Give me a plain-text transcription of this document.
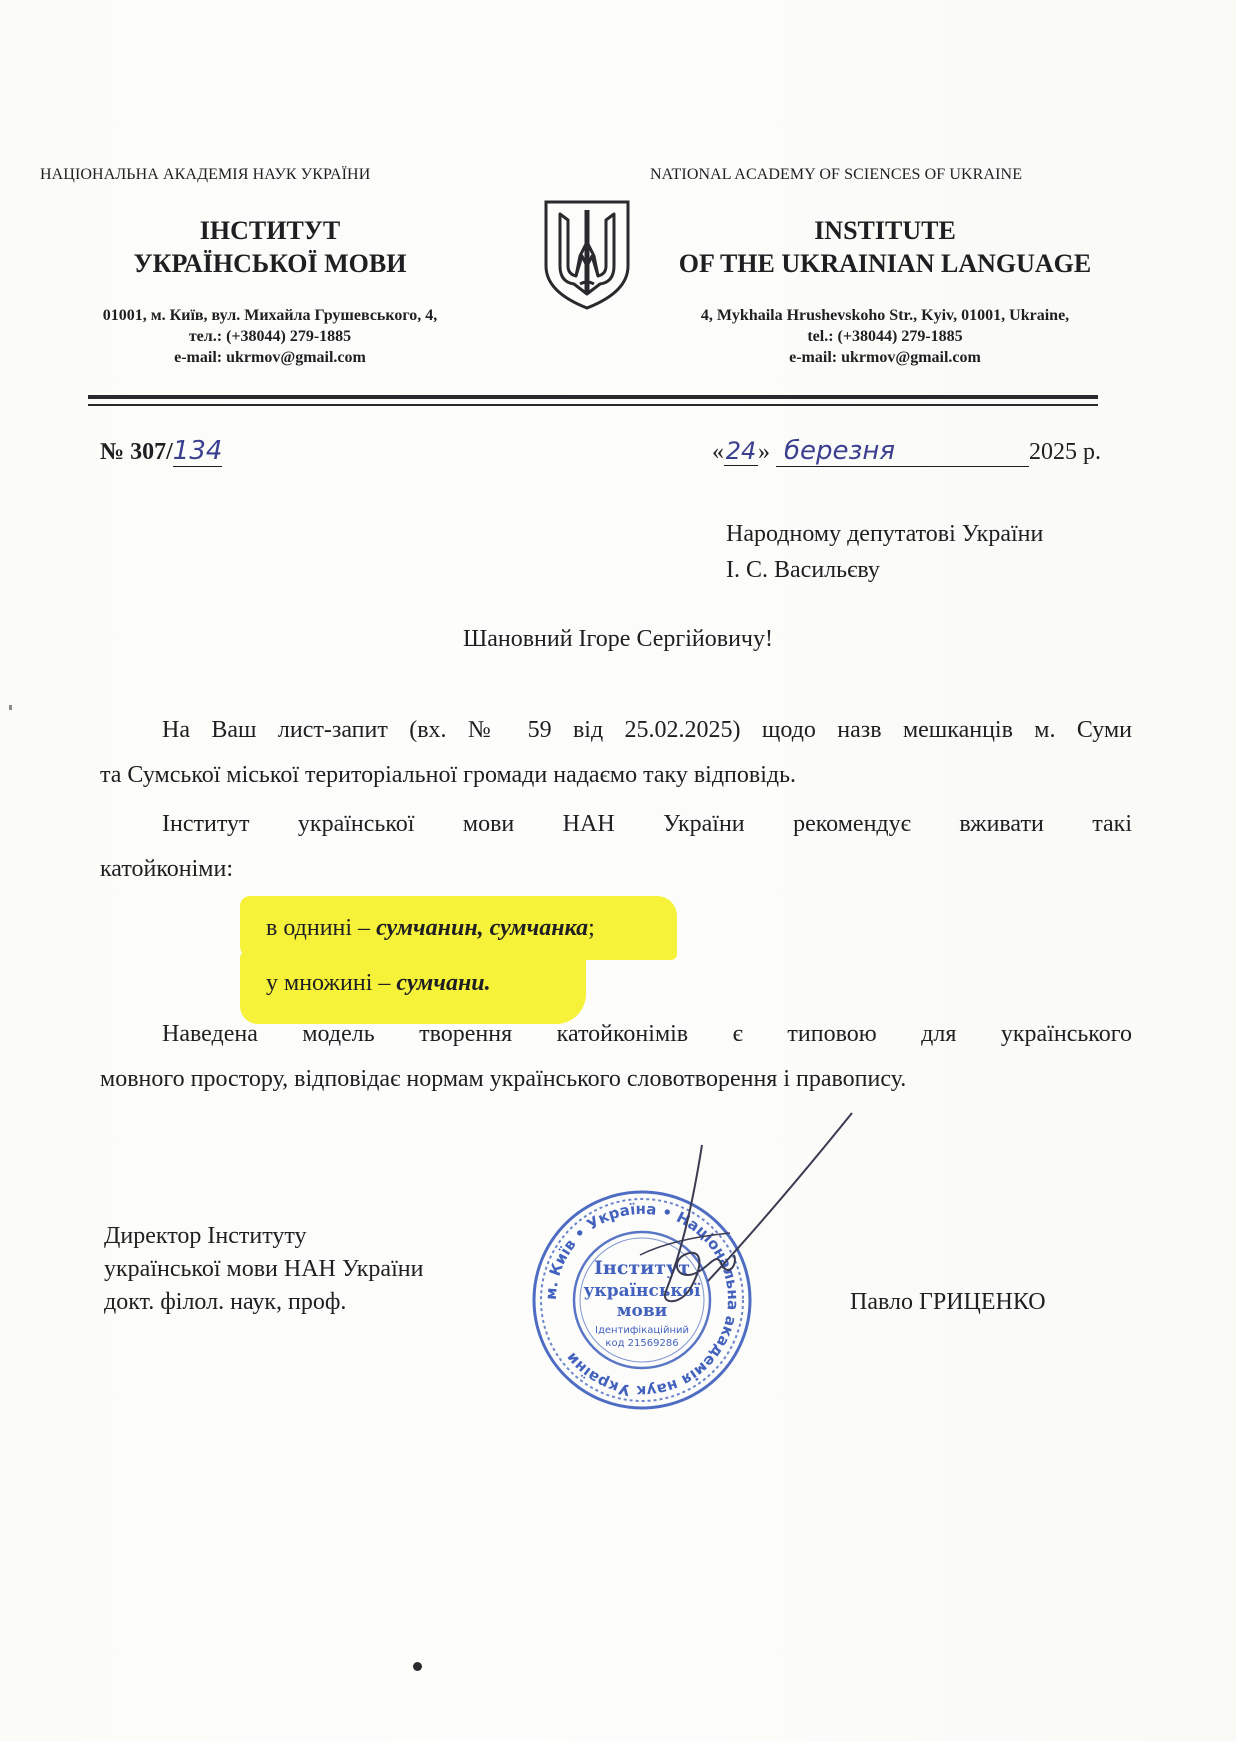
НАЦІОНАЛЬНА АКАДЕМІЯ НАУК УКРАЇНИ	NATIONAL ACADEMY OF SCIENCES OF UKRAINE
ІНСТИТУТ
УКРАЇНСЬКОЇ МОВИ
INSTITUTE
OF THE UKRAINIAN LANGUAGE
01001, м. Київ, вул. Михайла Грушевського, 4,
тел.: (+38044) 279-1885
e-mail: ukrmov@gmail.com
4, Mykhaila Hrushevskoho Str., Kyiv, 01001, Ukraine,
tel.: (+38044) 279-1885
e-mail: ukrmov@gmail.com
№ 307/134	«24» березня	2025 р.
Народному депутатові України
І. С. Васильєву
Шановний Ігоре Сергійовичу!
На Ваш лист-запит (вх. № 59 від 25.02.2025) щодо назв мешканців м. Суми
та Сумської міської територіальної громади надаємо таку відповідь.
Інститут української мови НАН України рекомендує вживати такі
катойконіми:
в однині – сумчанин, сумчанка;
у множині – сумчани.
Наведена модель творення катойконімів є типовою для українського
мовного простору, відповідає нормам українського словотворення і правопису.
Директор Інституту
української мови НАН України
докт. філол. наук, проф.	Павло ГРИЦЕНКО
м. Київ • Україна • Національна академія наук України
Інститут
української
мови
Ідентифікаційний
код 21569286
